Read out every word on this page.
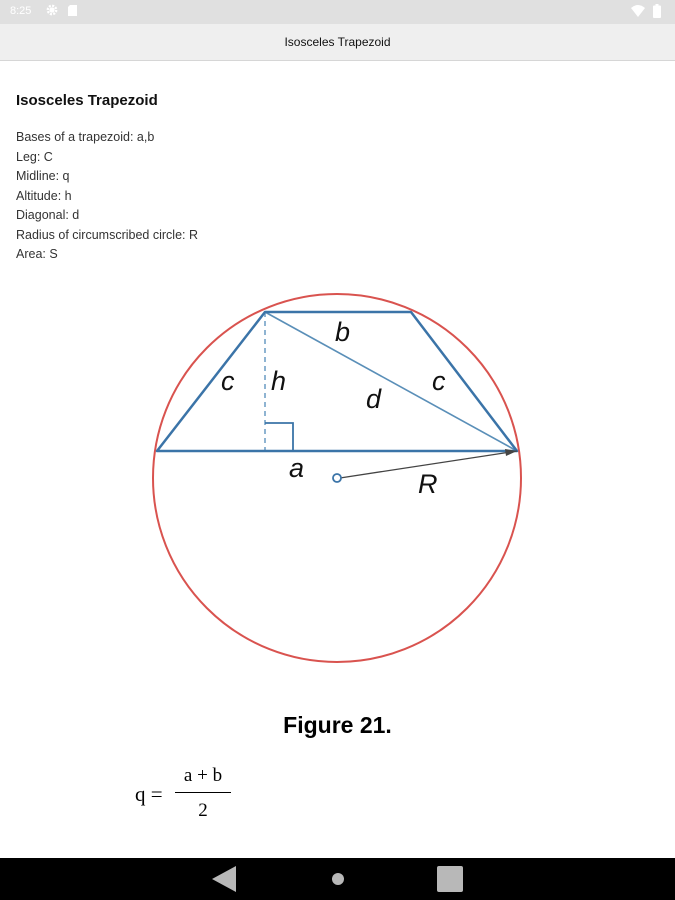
8:25
Isosceles Trapezoid
Isosceles Trapezoid
Bases of a trapezoid: a,b
Leg: C
Midline: q
Altitude: h
Diagonal: d
Radius of circumscribed circle: R
Area: S
b
c h
d
c
a
R

Figure 21.

q =
a + b
2
